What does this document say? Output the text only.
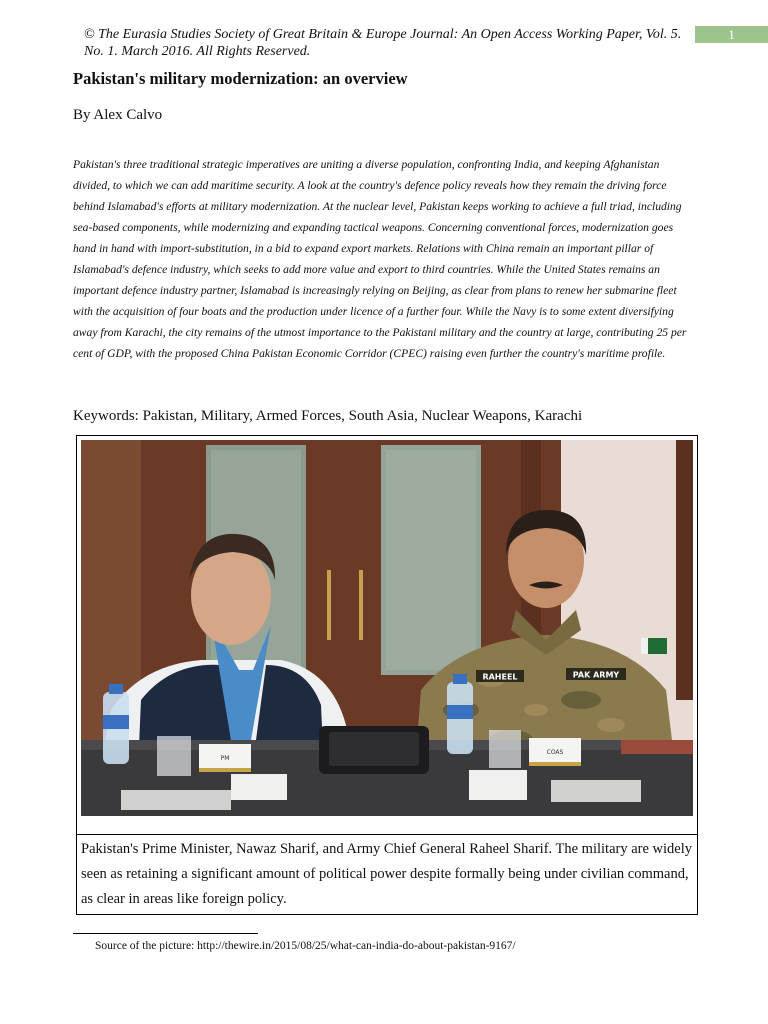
© The Eurasia Studies Society of Great Britain & Europe Journal: An Open Access Working Paper, Vol. 5. No. 1. March 2016. All Rights Reserved.
1
Pakistan's military modernization: an overview
By Alex Calvo

Pakistan's three traditional strategic imperatives are uniting a diverse population, confronting India, and keeping Afghanistan divided, to which we can add maritime security. A look at the country's defence policy reveals how they remain the driving force behind Islamabad's efforts at military modernization. At the nuclear level, Pakistan keeps working to achieve a full triad, including sea-based components, while modernizing and expanding tactical weapons. Concerning conventional forces, modernization goes hand in hand with import-substitution, in a bid to expand export markets. Relations with China remain an important pillar of Islamabad's defence industry, which seeks to add more value and export to third countries. While the United States remains an important defence industry partner, Islamabad is increasingly relying on Beijing, as clear from plans to renew her submarine fleet with the acquisition of four boats and the production under licence of a further four. While the Navy is to some extent diversifying away from Karachi, the city remains of the utmost importance to the Pakistani military and the country at large, contributing 25 per cent of GDP, with the proposed China Pakistan Economic Corridor (CPEC) raising even further the country's maritime profile.

Keywords: Pakistan, Military, Armed Forces, South Asia, Nuclear Weapons, Karachi
RAHEEL	PAK ARMY
PM
COAS
Pakistan's Prime Minister, Nawaz Sharif, and Army Chief General Raheel Sharif. The military are widely seen as retaining a significant amount of political power despite formally being under civilian command, as clear in areas like foreign policy.
Source of the picture: http://thewire.in/2015/08/25/what-can-india-do-about-pakistan-9167/
